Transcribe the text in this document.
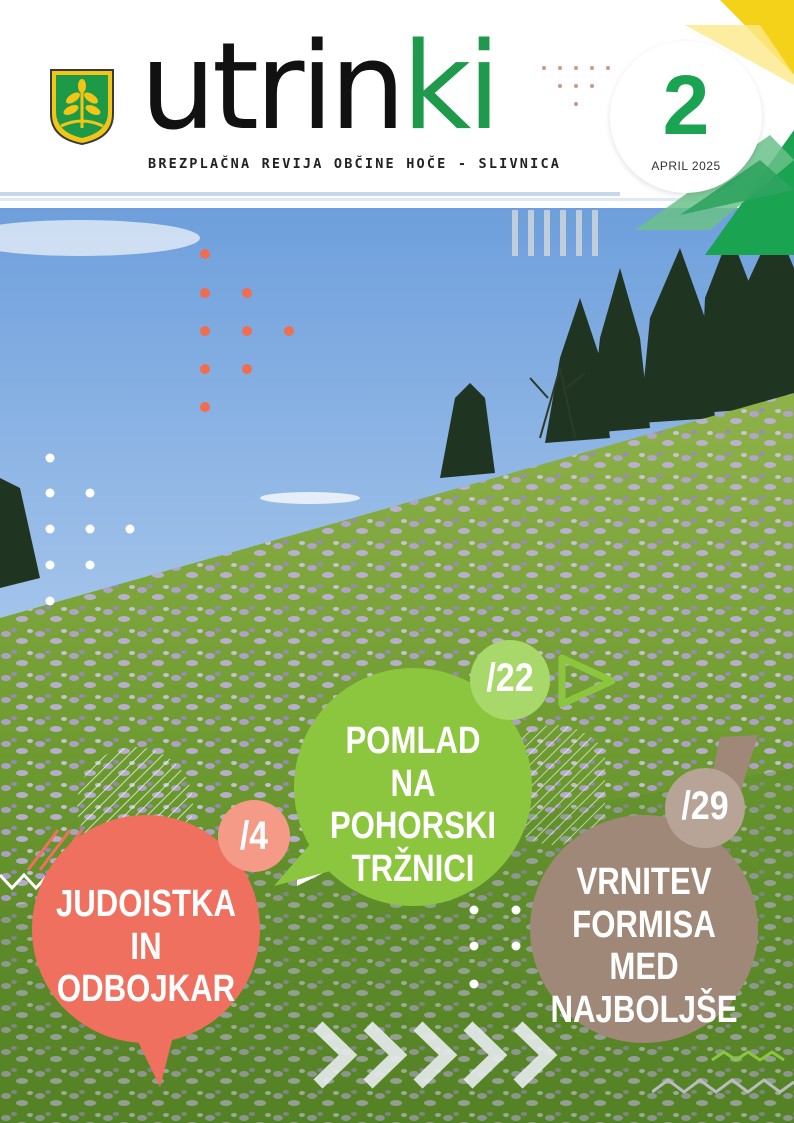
utrinki
BREZPLAČNA REVIJA OBČINE HOČE - SLIVNICA
2
APRIL 2025
JUDOISTKA
IN ODBOJKAR
/4
POMLAD
NA POHORSKI
TRŽNICI
/22
VRNITEV
FORMISA MED
NAJBOLJŠE
/29
